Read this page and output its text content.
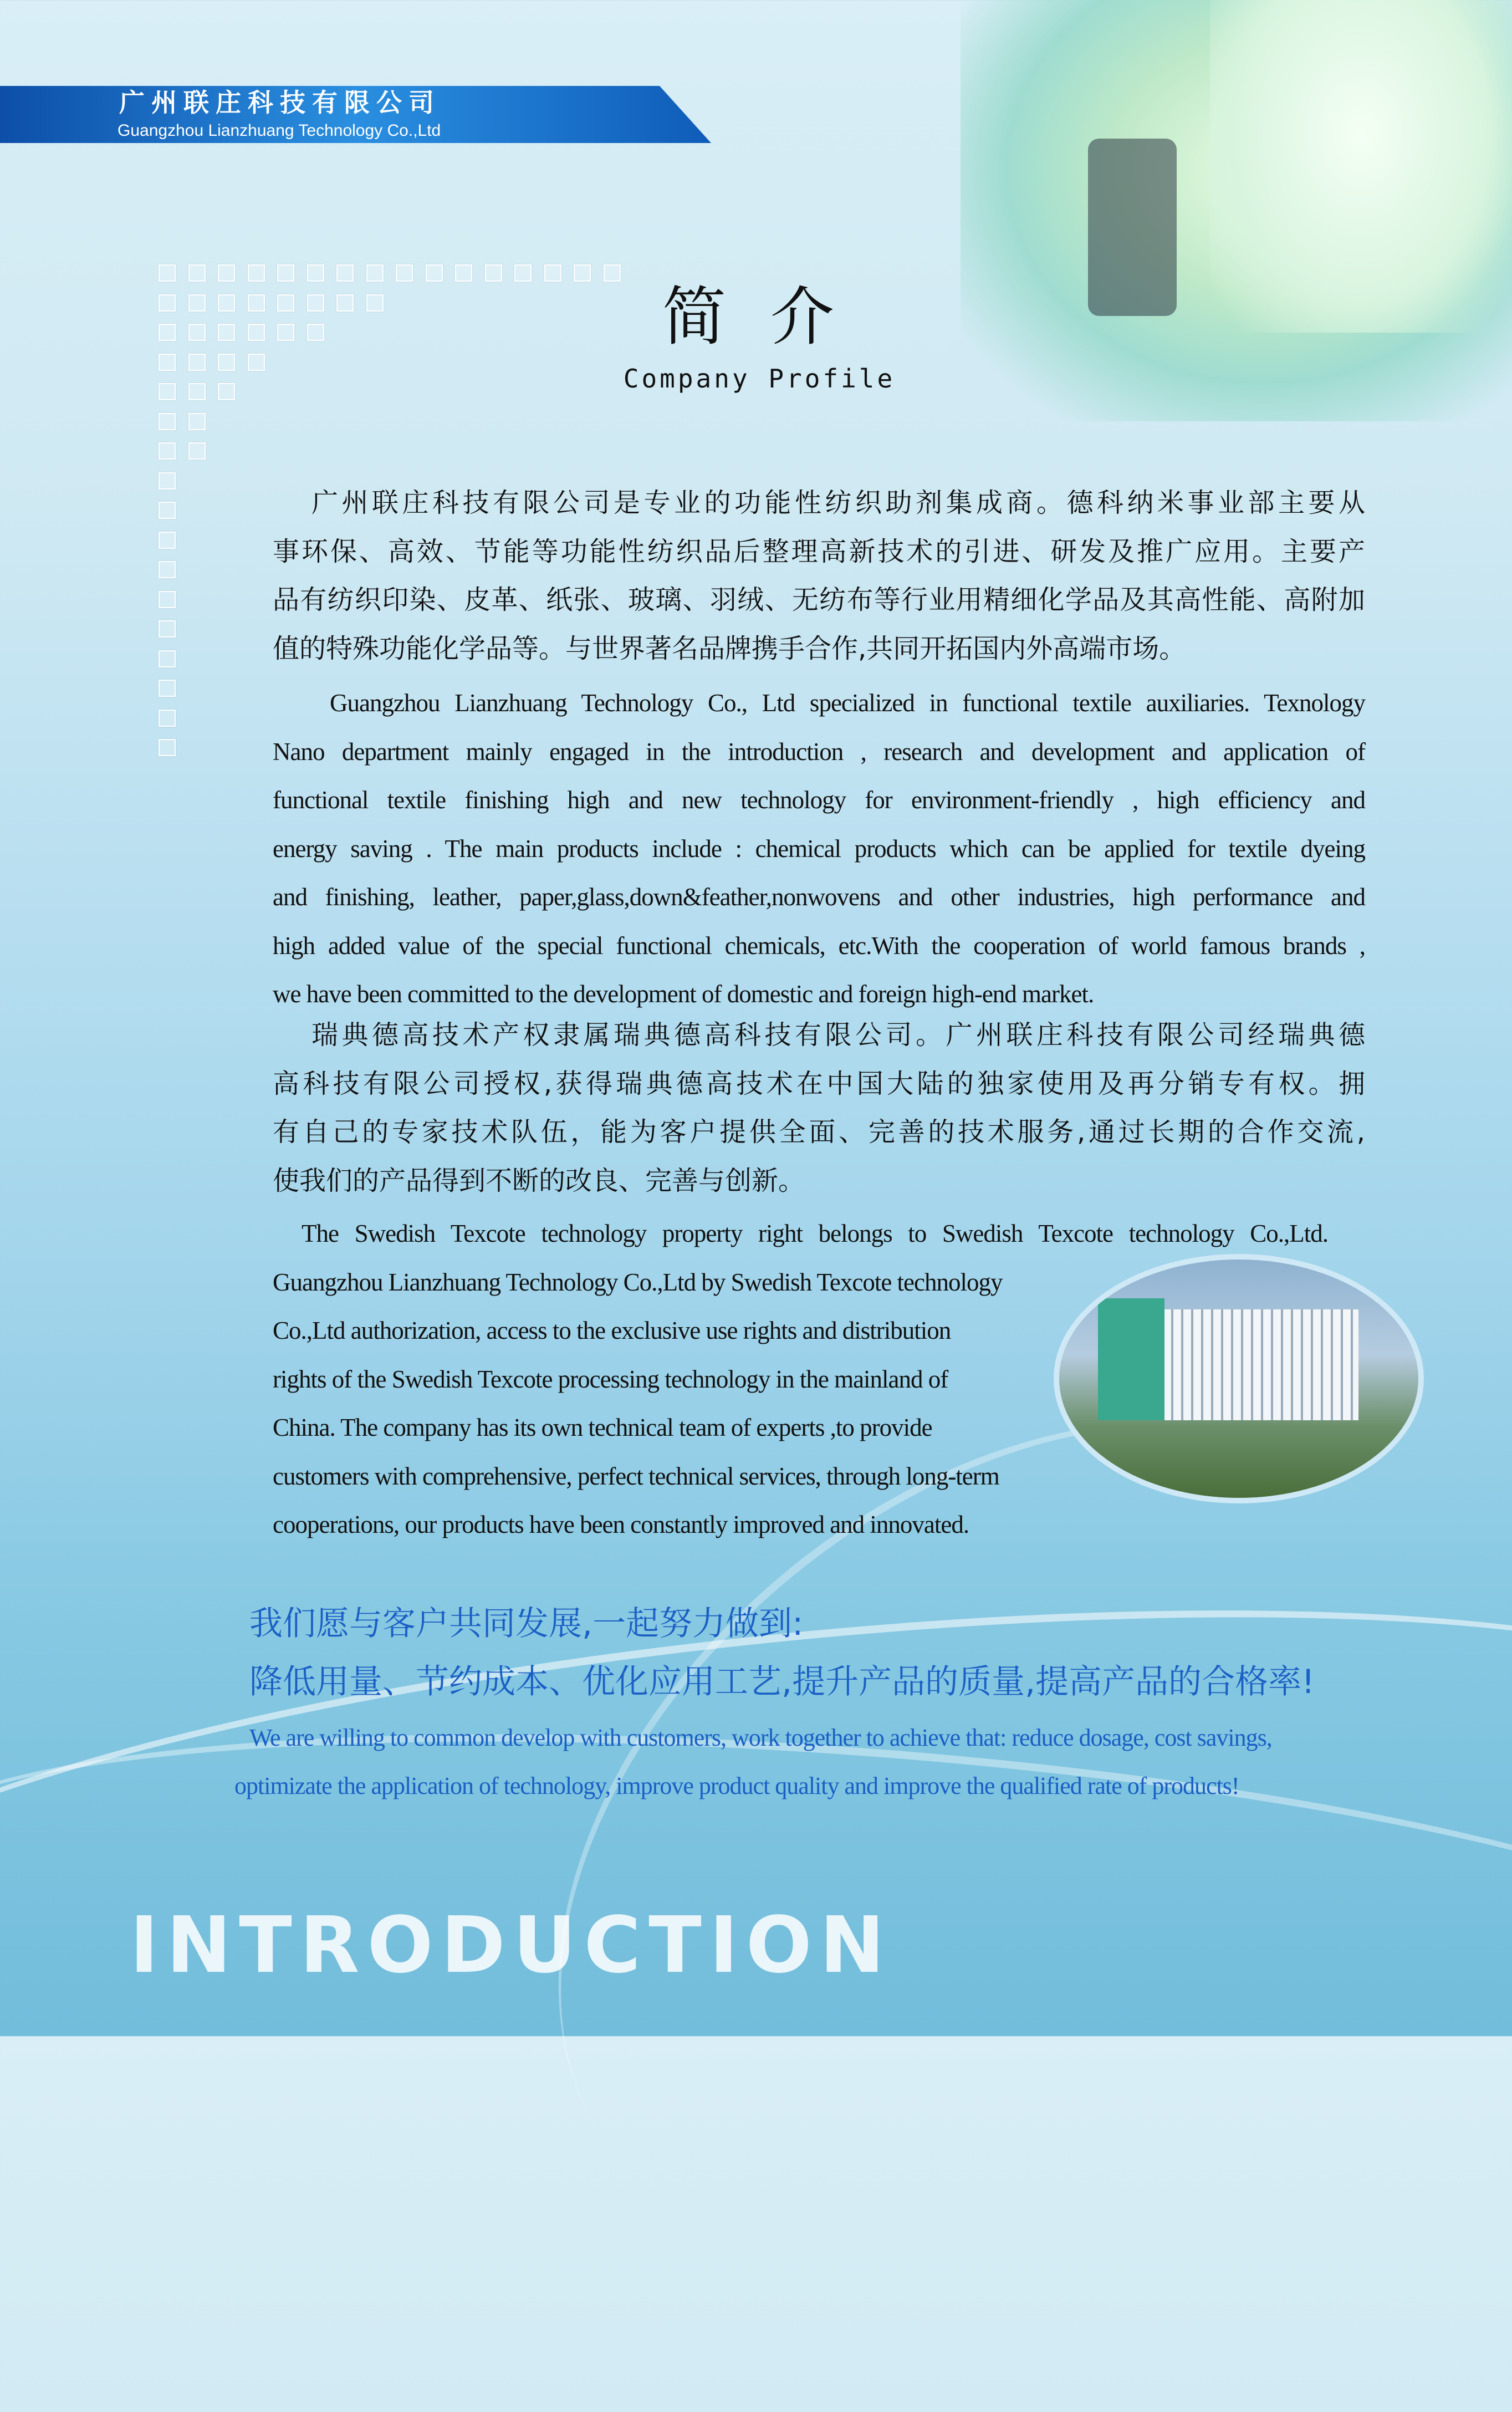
广州联庄科技有限公司
Guangzhou Lianzhuang Technology Co.,Ltd
简介
Company Profile
广州联庄科技有限公司是专业的功能性纺织助剂集成商。德科纳米事业部主要从
事环保、高效、节能等功能性纺织品后整理高新技术的引进、研发及推广应用。主要产
品有纺织印染、皮革、纸张、玻璃、羽绒、无纺布等行业用精细化学品及其高性能、高附加
值的特殊功能化学品等。与世界著名品牌携手合作,共同开拓国内外高端市场。
Guangzhou Lianzhuang Technology Co., Ltd specialized in functional textile auxiliaries. Texnology
Nano department mainly engaged in the introduction , research and development and application of
functional textile finishing high and new technology for environment-friendly , high efficiency and
energy saving . The main products include : chemical products which can be applied for textile dyeing
and finishing, leather, paper,glass,down&feather,nonwovens and other industries, high performance and
high added value of the special functional chemicals, etc.With the cooperation of world famous brands ,
we have been committed to the development of domestic and foreign high-end market.
瑞典德高技术产权隶属瑞典德高科技有限公司。广州联庄科技有限公司经瑞典德
高科技有限公司授权,获得瑞典德高技术在中国大陆的独家使用及再分销专有权。拥
有自己的专家技术队伍，能为客户提供全面、完善的技术服务,通过长期的合作交流,
使我们的产品得到不断的改良、完善与创新。
The Swedish Texcote technology property right belongs to Swedish Texcote technology Co.,Ltd.
Guangzhou Lianzhuang Technology Co.,Ltd by Swedish Texcote technology
Co.,Ltd authorization, access to the exclusive use rights and distribution
rights of the Swedish Texcote processing technology in the mainland of
China. The company has its own technical team of experts ,to provide
customers with comprehensive, perfect technical services, through long-term
cooperations, our products have been constantly improved and innovated.
我们愿与客户共同发展,一起努力做到:
降低用量、节约成本、优化应用工艺,提升产品的质量,提高产品的合格率!
We are willing to common develop with customers, work together to achieve that: reduce dosage, cost savings,
optimizate the application of technology, improve product quality and improve the qualified rate of products!
INTRODUCTION
